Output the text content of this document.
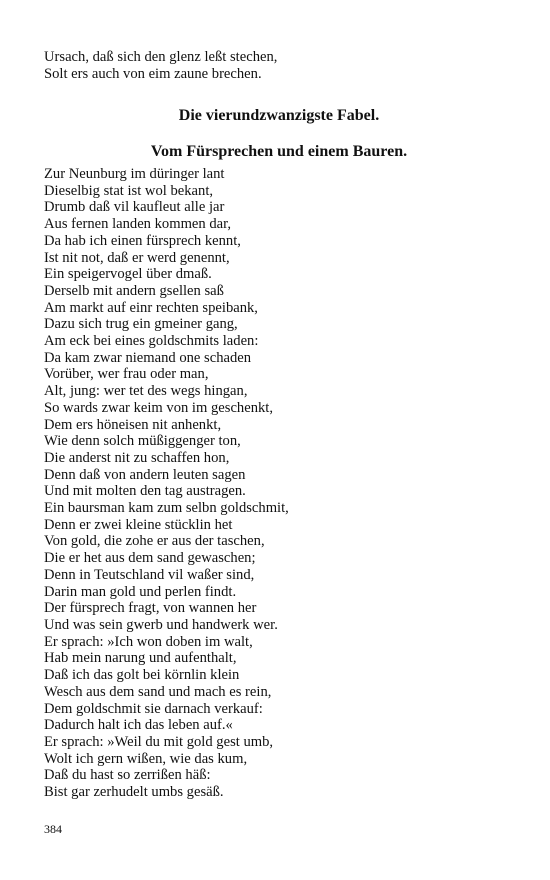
Ursach, daß sich den glenz leßt stechen,
Solt ers auch von eim zaune brechen.
Die vierundzwanzigste Fabel.
Vom Fürsprechen und einem Bauren.
Zur Neunburg im düringer lant
Dieselbig stat ist wol bekant,
Drumb daß vil kaufleut alle jar
Aus fernen landen kommen dar,
Da hab ich einen fürsprech kennt,
Ist nit not, daß er werd genennt,
Ein speigervogel über dmaß.
Derselb mit andern gsellen saß
Am markt auf einr rechten speibank,
Dazu sich trug ein gmeiner gang,
Am eck bei eines goldschmits laden:
Da kam zwar niemand one schaden
Vorüber, wer frau oder man,
Alt, jung: wer tet des wegs hingan,
So wards zwar keim von im geschenkt,
Dem ers höneisen nit anhenkt,
Wie denn solch müßiggenger ton,
Die anderst nit zu schaffen hon,
Denn daß von andern leuten sagen
Und mit molten den tag austragen.
Ein baursman kam zum selbn goldschmit,
Denn er zwei kleine stücklin het
Von gold, die zohe er aus der taschen,
Die er het aus dem sand gewaschen;
Denn in Teutschland vil waßer sind,
Darin man gold und perlen findt.
Der fürsprech fragt, von wannen her
Und was sein gwerb und handwerk wer.
Er sprach: »Ich won doben im walt,
Hab mein narung und aufenthalt,
Daß ich das golt bei körnlin klein
Wesch aus dem sand und mach es rein,
Dem goldschmit sie darnach verkauf:
Dadurch halt ich das leben auf.«
Er sprach: »Weil du mit gold gest umb,
Wolt ich gern wißen, wie das kum,
Daß du hast so zerrißen häß:
Bist gar zerhudelt umbs gesäß.
384
